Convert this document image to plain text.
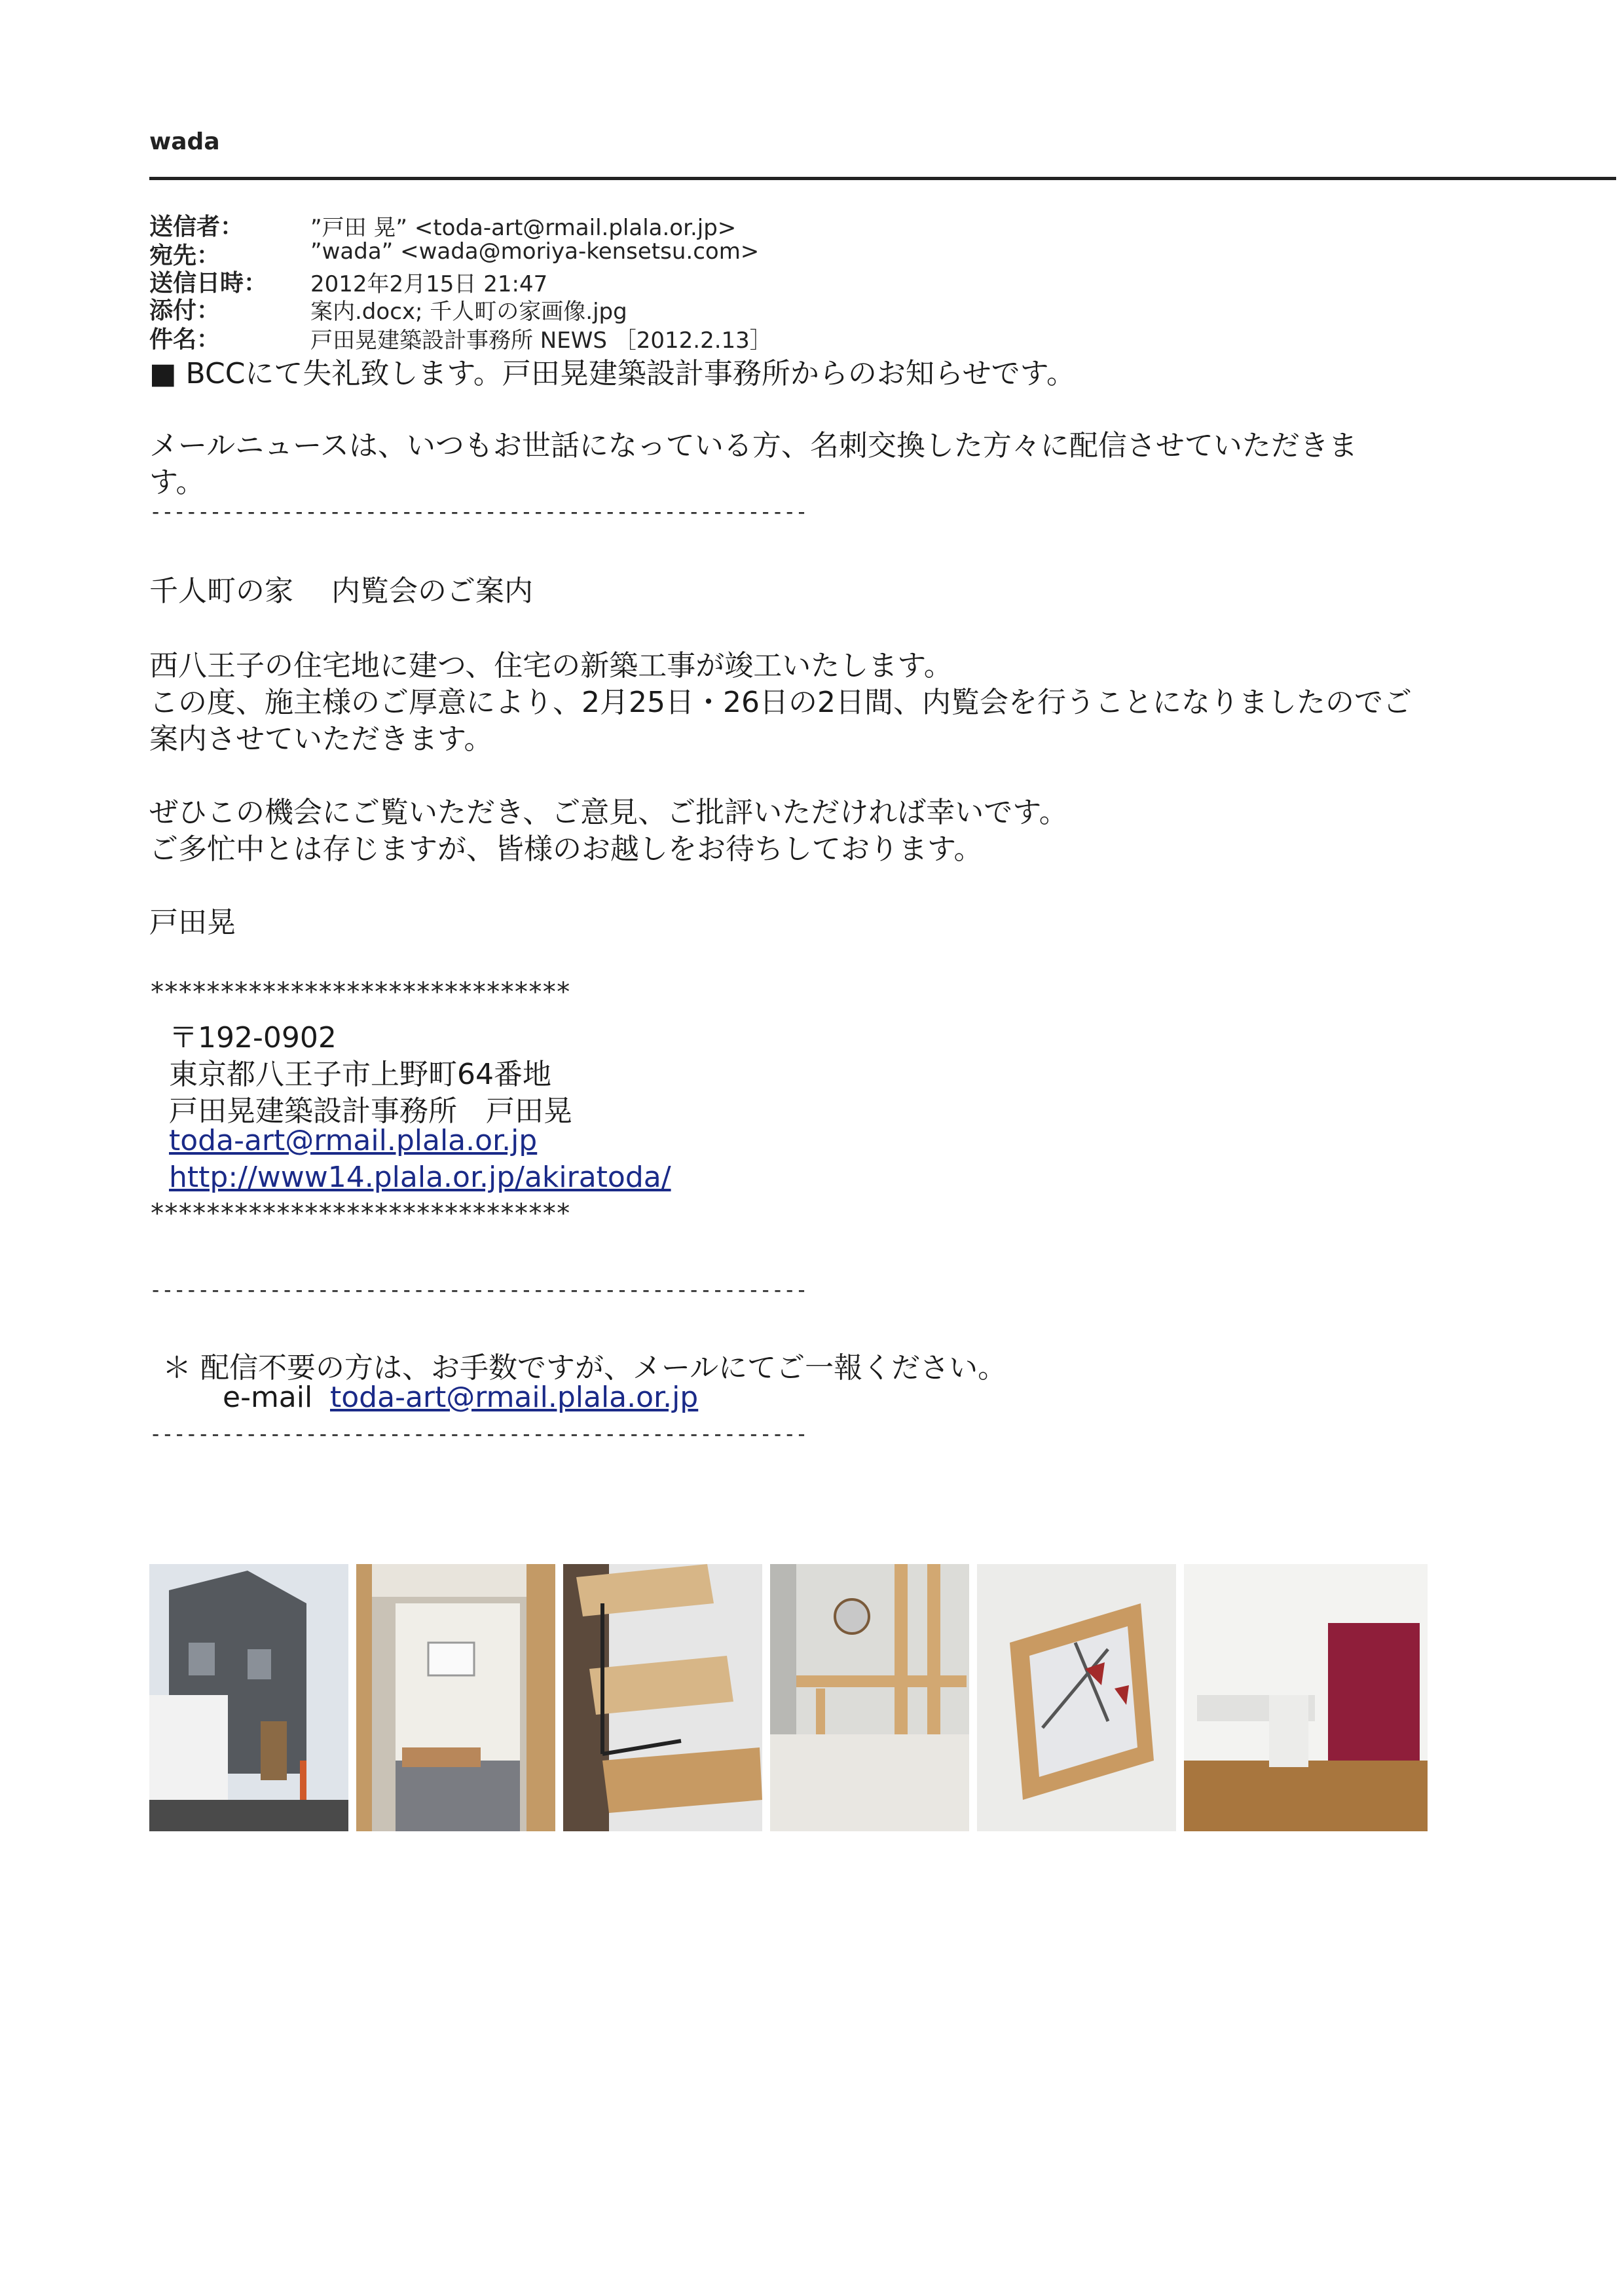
wada
送信者：	”戸田 晃” <toda-art@rmail.plala.or.jp>
宛先：	”wada” <wada@moriya-kensetsu.com>
送信日時： 2012年2月15日 21:47
添付：	案内.docx; 千人町の家画像.jpg
件名：	戸田晃建築設計事務所 NEWS ［2012.2.13］
■ BCCにて失礼致します。戸田晃建築設計事務所からのお知らせです。
メールニュースは、いつもお世話になっている方、名刺交換した方々に配信させていただきま
す。
-------------------------------------------------------
千人町の家　 内覧会のご案内
西八王子の住宅地に建つ、住宅の新築工事が竣工いたします。
この度、施主様のご厚意により、2月25日・26日の2日間、内覧会を行うことになりましたのでご
案内させていただきます。
ぜひこの機会にご覧いただき、ご意見、ご批評いただければ幸いです。
ご多忙中とは存じますが、皆様のお越しをお待ちしております。
戸田晃
******************************
〒192-0902
東京都八王子市上野町64番地
戸田晃建築設計事務所　戸田晃
toda-art@rmail.plala.or.jp
http://www14.plala.or.jp/akiratoda/
******************************
-------------------------------------------------------
＊ 配信不要の方は、お手数ですが、メールにてご一報ください。
e-mail toda-art@rmail.plala.or.jp
-------------------------------------------------------
